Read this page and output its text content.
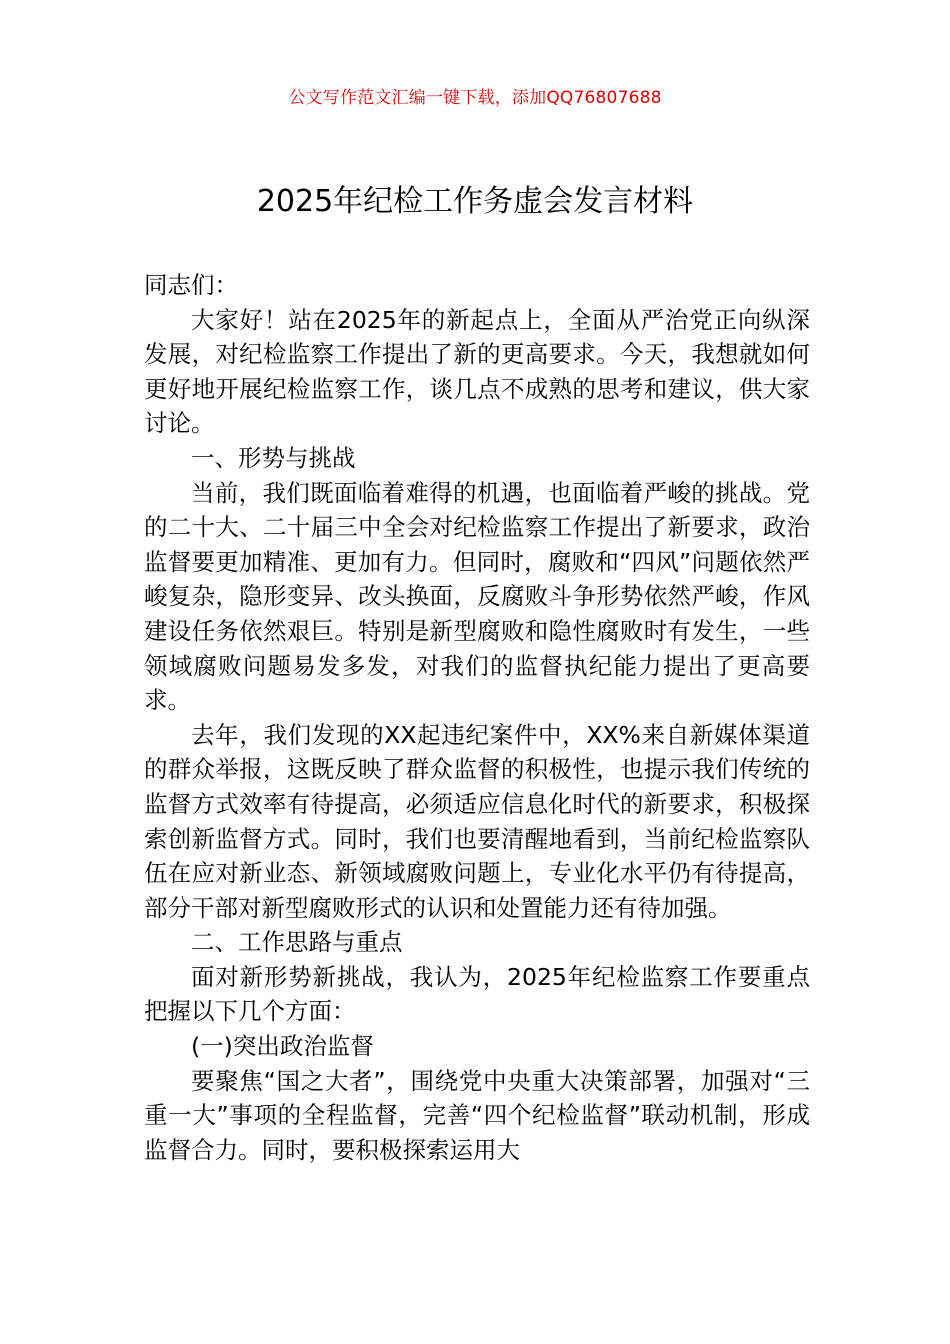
公文写作范文汇编一键下载，添加QQ76807688
2025年纪检工作务虚会发言材料

同志们：

大家好！站在2025年的新起点上，全面从严治党正向纵深发展，对纪检监察工作提出了新的更高要求。今天，我想就如何更好地开展纪检监察工作，谈几点不成熟的思考和建议，供大家讨论。

一、形势与挑战

当前，我们既面临着难得的机遇，也面临着严峻的挑战。党的二十大、二十届三中全会对纪检监察工作提出了新要求，政治监督要更加精准、更加有力。但同时，腐败和“四风”问题依然严峻复杂，隐形变异、改头换面，反腐败斗争形势依然严峻，作风建设任务依然艰巨。特别是新型腐败和隐性腐败时有发生，一些领域腐败问题易发多发，对我们的监督执纪能力提出了更高要求。

去年，我们发现的XX起违纪案件中，XX%来自新媒体渠道的群众举报，这既反映了群众监督的积极性，也提示我们传统的监督方式效率有待提高，必须适应信息化时代的新要求，积极探索创新监督方式。同时，我们也要清醒地看到，当前纪检监察队伍在应对新业态、新领域腐败问题上，专业化水平仍有待提高，部分干部对新型腐败形式的认识和处置能力还有待加强。

二、工作思路与重点

面对新形势新挑战，我认为，2025年纪检监察工作要重点把握以下几个方面：

(一)突出政治监督

要聚焦“国之大者”，围绕党中央重大决策部署，加强对“三重一大”事项的全程监督，完善“四个纪检监督”联动机制，形成监督合力。同时，要积极探索运用大
